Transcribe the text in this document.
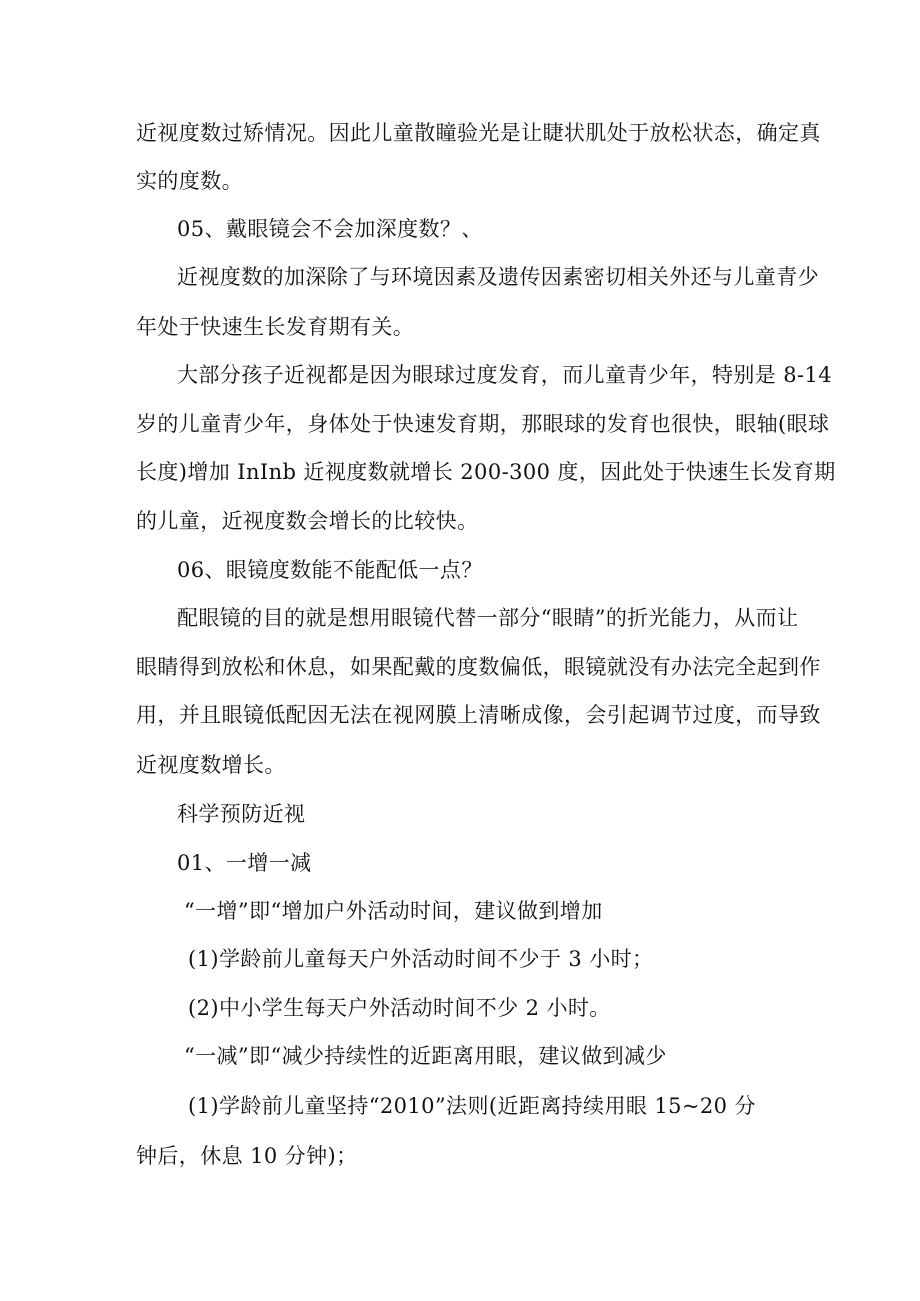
近视度数过矫情况。因此儿童散瞳验光是让睫状肌处于放松状态，确定真
实的度数。
05、戴眼镜会不会加深度数？、
近视度数的加深除了与环境因素及遗传因素密切相关外还与儿童青少
年处于快速生长发育期有关。
大部分孩子近视都是因为眼球过度发育，而儿童青少年，特别是 8-14
岁的儿童青少年，身体处于快速发育期，那眼球的发育也很快，眼轴(眼球
长度)增加 InInb 近视度数就增长 200-300 度，因此处于快速生长发育期
的儿童，近视度数会增长的比较快。
06、眼镜度数能不能配低一点？
配眼镜的目的就是想用眼镜代替一部分“眼睛”的折光能力，从而让
眼睛得到放松和休息，如果配戴的度数偏低，眼镜就没有办法完全起到作
用，并且眼镜低配因无法在视网膜上清晰成像，会引起调节过度，而导致
近视度数增长。
科学预防近视
01、一增一减
“一增”即“增加户外活动时间，建议做到增加
(1)学龄前儿童每天户外活动时间不少于 3 小时；
(2)中小学生每天户外活动时间不少 2 小时。
“一减”即“减少持续性的近距离用眼，建议做到减少
(1)学龄前儿童坚持“2010”法则(近距离持续用眼 15~20 分
钟后，休息 10 分钟)；
